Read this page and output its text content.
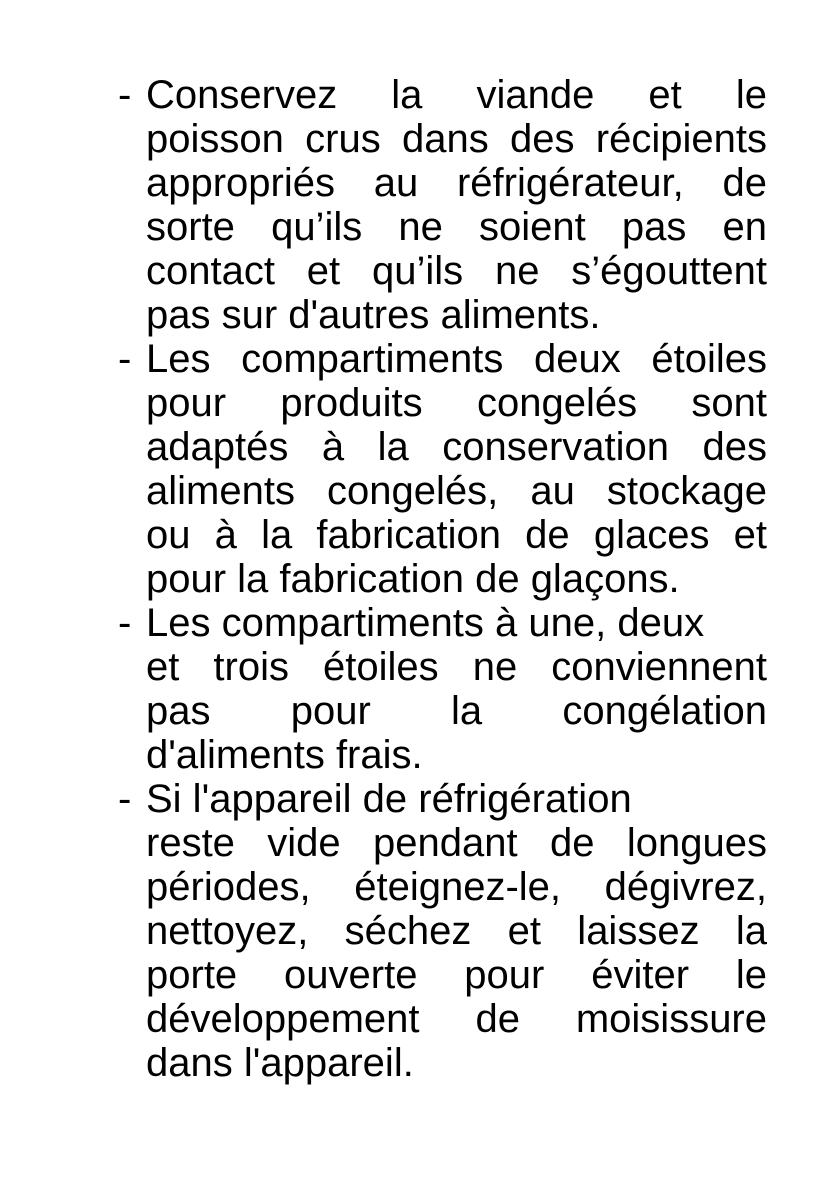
- Conservez la viande et le
poisson crus dans des récipients
appropriés au réfrigérateur, de
sorte qu’ils ne soient pas en
contact et qu’ils ne s’égouttent
pas sur d'autres aliments.
- Les compartiments deux étoiles
pour produits congelés sont
adaptés à la conservation des
aliments congelés, au stockage
ou à la fabrication de glaces et
pour la fabrication de glaçons.
- Les compartiments à une, deux
et trois étoiles ne conviennent
pas pour la congélation
d'aliments frais.
- Si l'appareil de réfrigération
reste vide pendant de longues
périodes, éteignez-le, dégivrez,
nettoyez, séchez et laissez la
porte ouverte pour éviter le
développement de moisissure
dans l'appareil.
